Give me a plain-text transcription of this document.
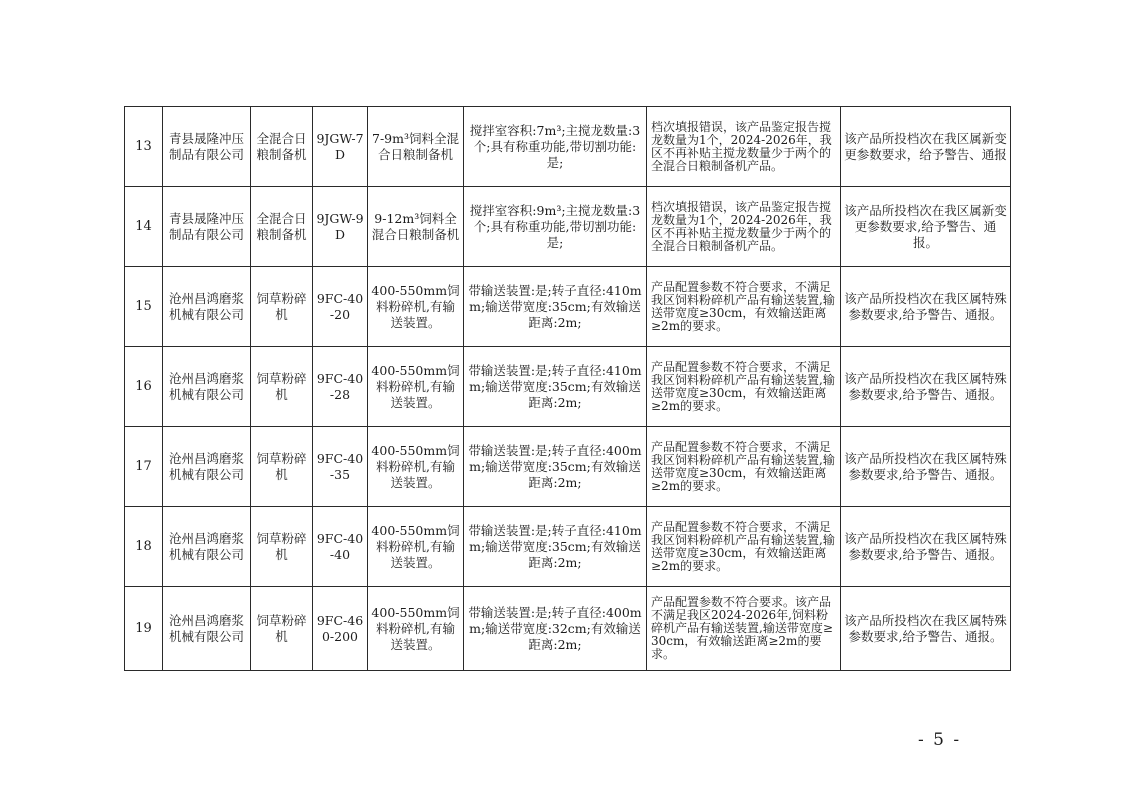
13	青县晟隆冲压制品有限公司	全混合日粮制备机	9JGW-7D	7-9m³饲料全混合日粮制备机	搅拌室容积:7m³;主搅龙数量:3个;具有称重功能,带切割功能:是;	档次填报错误，该产品鉴定报告搅龙数量为1个，2024-2026年，我区不再补贴主搅龙数量少于两个的全混合日粮制备机产品。	该产品所投档次在我区属新变更参数要求，给予警告、通报
14	青县晟隆冲压制品有限公司	全混合日粮制备机	9JGW-9D	9-12m³饲料全混合日粮制备机	搅拌室容积:9m³;主搅龙数量:3个;具有称重功能,带切割功能:是;	档次填报错误，该产品鉴定报告搅龙数量为1个，2024-2026年，我区不再补贴主搅龙数量少于两个的全混合日粮制备机产品。	该产品所投档次在我区属新变更参数要求,给予警告、通报。
15	沧州昌鸿磨浆机械有限公司	饲草粉碎机	9FC-40-20	400-550mm饲料粉碎机,有输送装置。	带输送装置:是;转子直径:410mm;输送带宽度:35cm;有效输送距离:2m;	产品配置参数不符合要求，不满足我区饲料粉碎机产品有输送装置,输送带宽度≥30cm，有效输送距离≥2m的要求。	该产品所投档次在我区属特殊参数要求,给予警告、通报。
16	沧州昌鸿磨浆机械有限公司	饲草粉碎机	9FC-40-28	400-550mm饲料粉碎机,有输送装置。	带输送装置:是;转子直径:410mm;输送带宽度:35cm;有效输送距离:2m;	产品配置参数不符合要求，不满足我区饲料粉碎机产品有输送装置,输送带宽度≥30cm，有效输送距离≥2m的要求。	该产品所投档次在我区属特殊参数要求,给予警告、通报。
17	沧州昌鸿磨浆机械有限公司	饲草粉碎机	9FC-40-35	400-550mm饲料粉碎机,有输送装置。	带输送装置:是;转子直径:400mm;输送带宽度:35cm;有效输送距离:2m;	产品配置参数不符合要求，不满足我区饲料粉碎机产品有输送装置,输送带宽度≥30cm，有效输送距离≥2m的要求。	该产品所投档次在我区属特殊参数要求,给予警告、通报。
18	沧州昌鸿磨浆机械有限公司	饲草粉碎机	9FC-40-40	400-550mm饲料粉碎机,有输送装置。	带输送装置:是;转子直径:410mm;输送带宽度:35cm;有效输送距离:2m;	产品配置参数不符合要求，不满足我区饲料粉碎机产品有输送装置,输送带宽度≥30cm，有效输送距离≥2m的要求。	该产品所投档次在我区属特殊参数要求,给予警告、通报。
19	沧州昌鸿磨浆机械有限公司	饲草粉碎机	9FC-460-200	400-550mm饲料粉碎机,有输送装置。	带输送装置:是;转子直径:400mm;输送带宽度:32cm;有效输送距离:2m;	产品配置参数不符合要求。该产品不满足我区2024-2026年,饲料粉碎机产品有输送装置,输送带宽度≥30cm，有效输送距离≥2m的要求。	该产品所投档次在我区属特殊参数要求,给予警告、通报。
- 5 -
